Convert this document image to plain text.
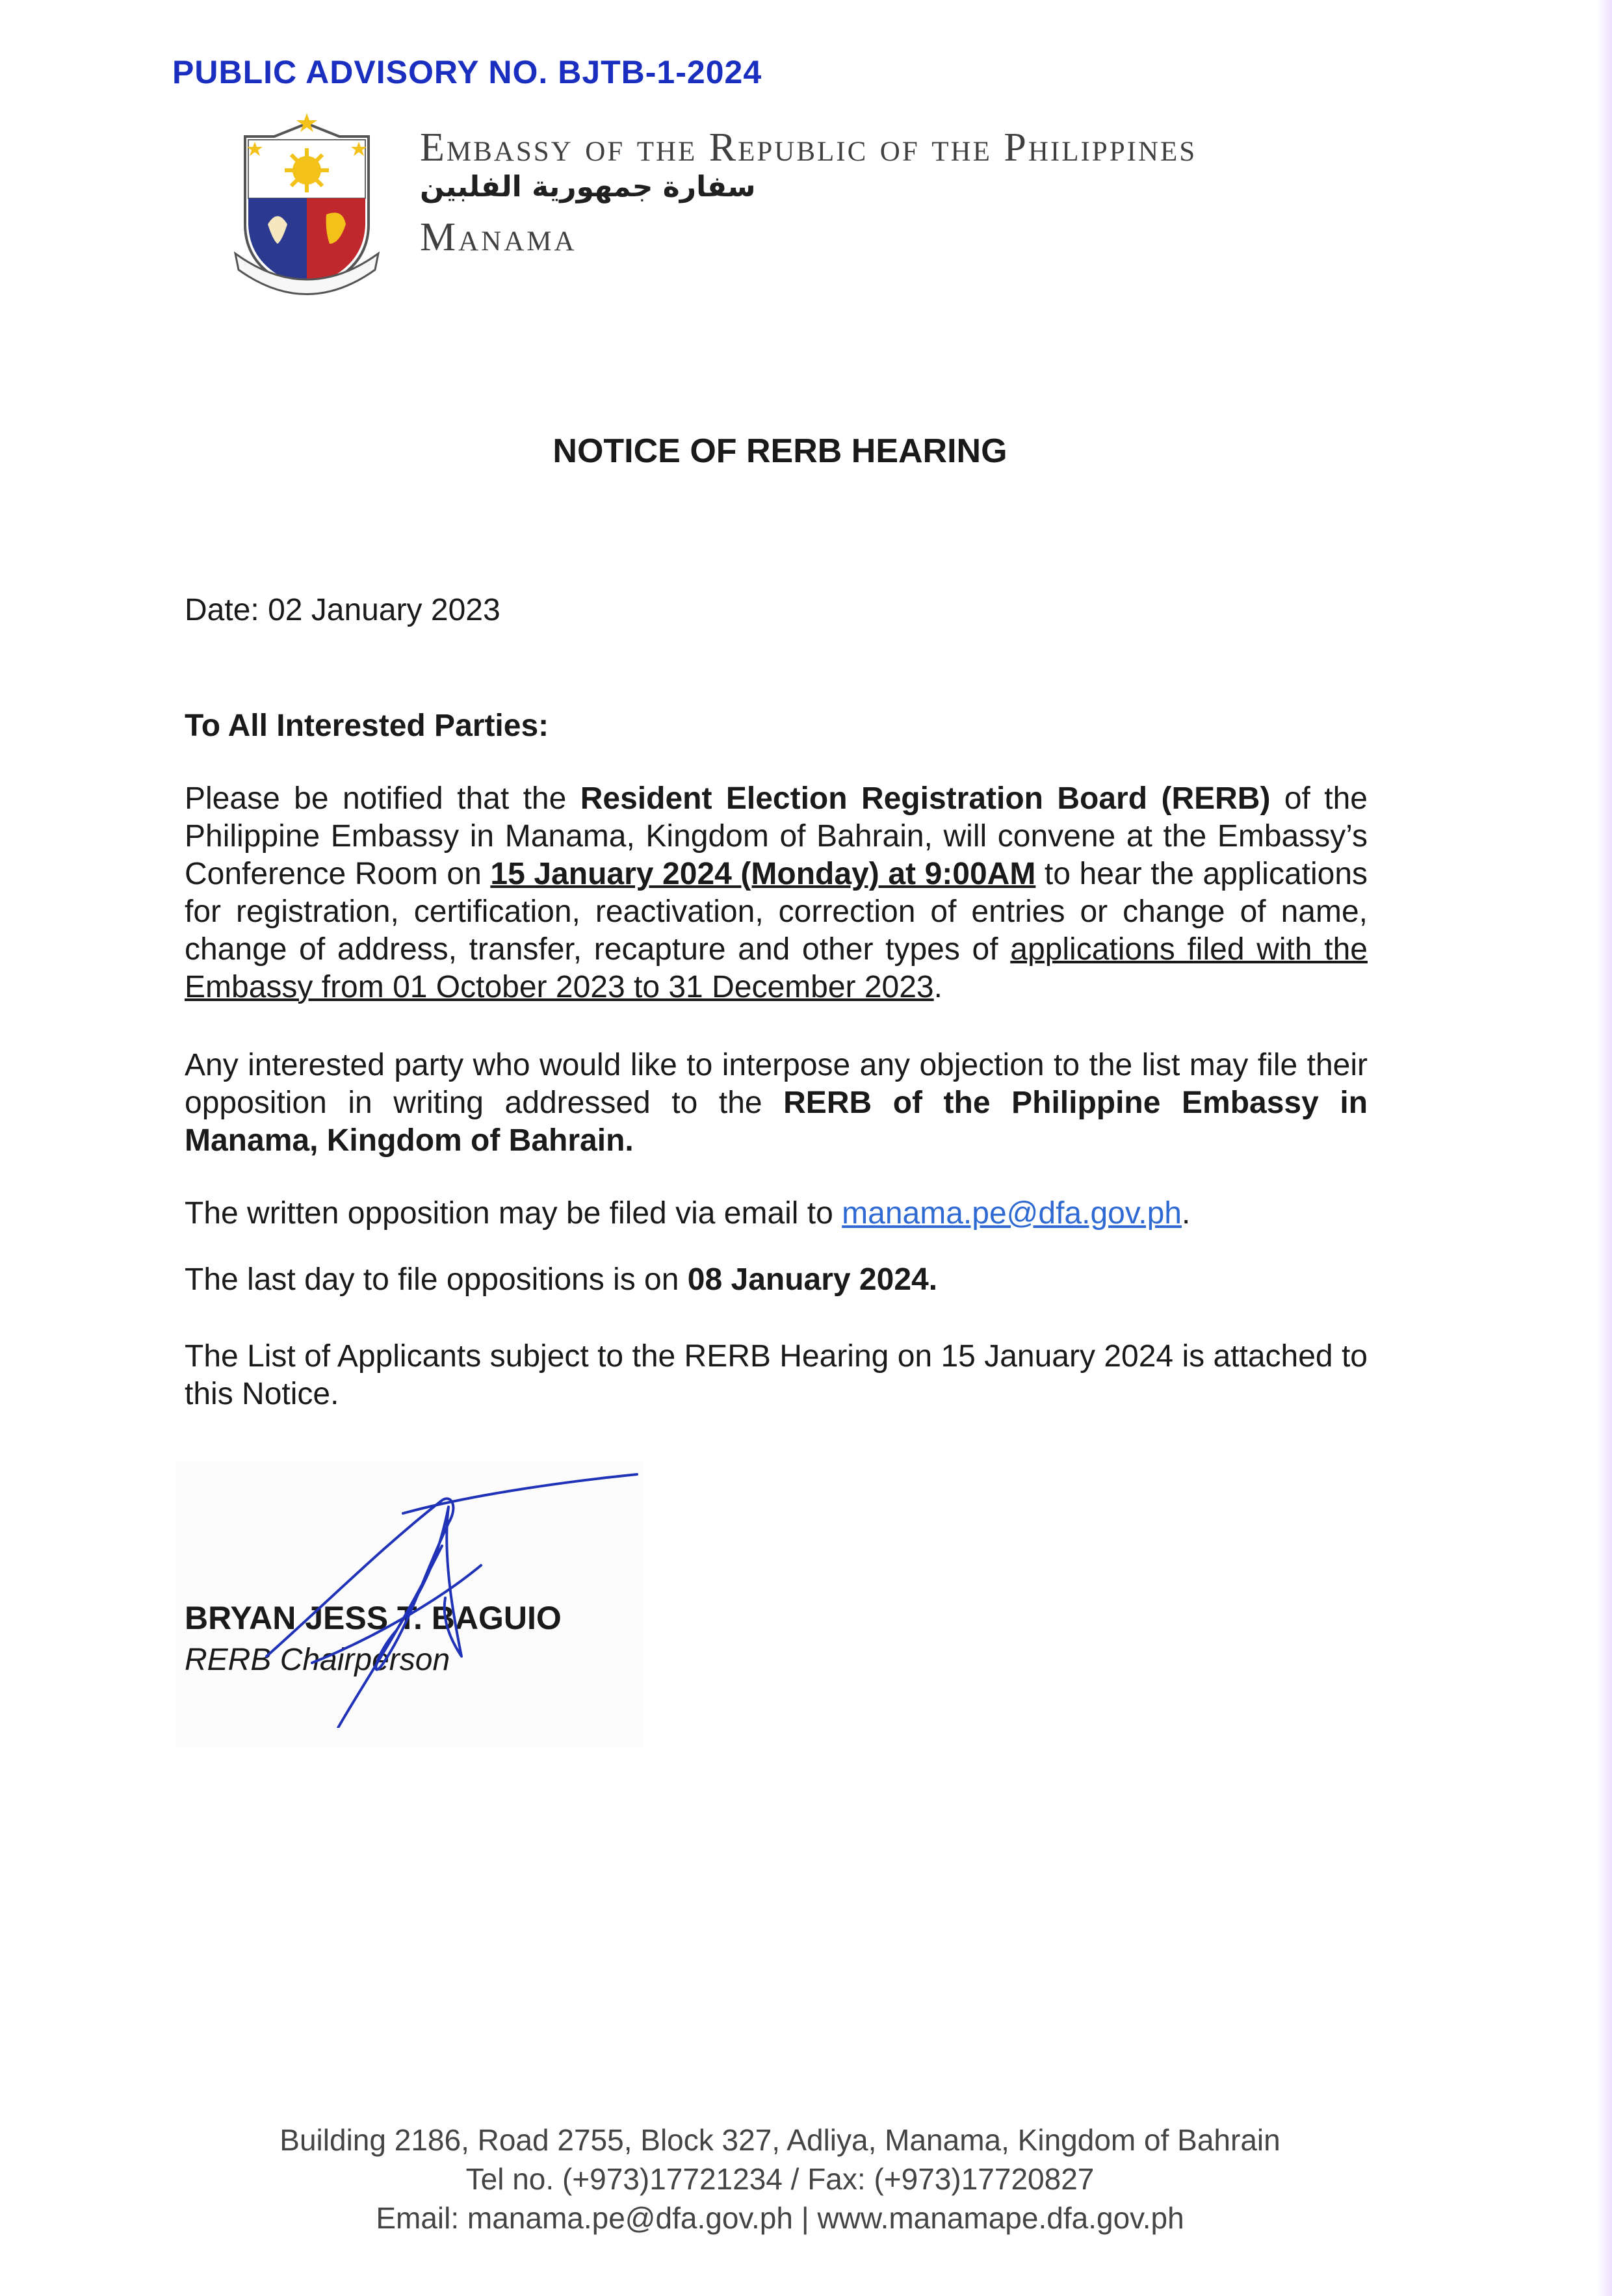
PUBLIC ADVISORY NO. BJTB-1-2024
Embassy of the Republic of the Philippines
سفارة جمهورية الفلبين
Manama
NOTICE OF RERB HEARING
Date: 02 January 2023
To All Interested Parties:
Please be notified that the Resident Election Registration Board (RERB) of the Philippine Embassy in Manama, Kingdom of Bahrain, will convene at the Embassy’s Conference Room on 15 January 2024 (Monday) at 9:00AM to hear the applications for registration, certification, reactivation, correction of entries or change of name, change of address, transfer, recapture and other types of applications filed with the Embassy from 01 October 2023 to 31 December 2023.
Any interested party who would like to interpose any objection to the list may file their opposition in writing addressed to the RERB of the Philippine Embassy in Manama, Kingdom of Bahrain.
The written opposition may be filed via email to manama.pe@dfa.gov.ph.
The last day to file oppositions is on 08 January 2024.
The List of Applicants subject to the RERB Hearing on 15 January 2024 is attached to this Notice.
BRYAN JESS T. BAGUIO
RERB Chairperson
Building 2186, Road 2755, Block 327, Adliya, Manama, Kingdom of Bahrain
Tel no. (+973)17721234 / Fax: (+973)17720827
Email: manama.pe@dfa.gov.ph | www.manamape.dfa.gov.ph
